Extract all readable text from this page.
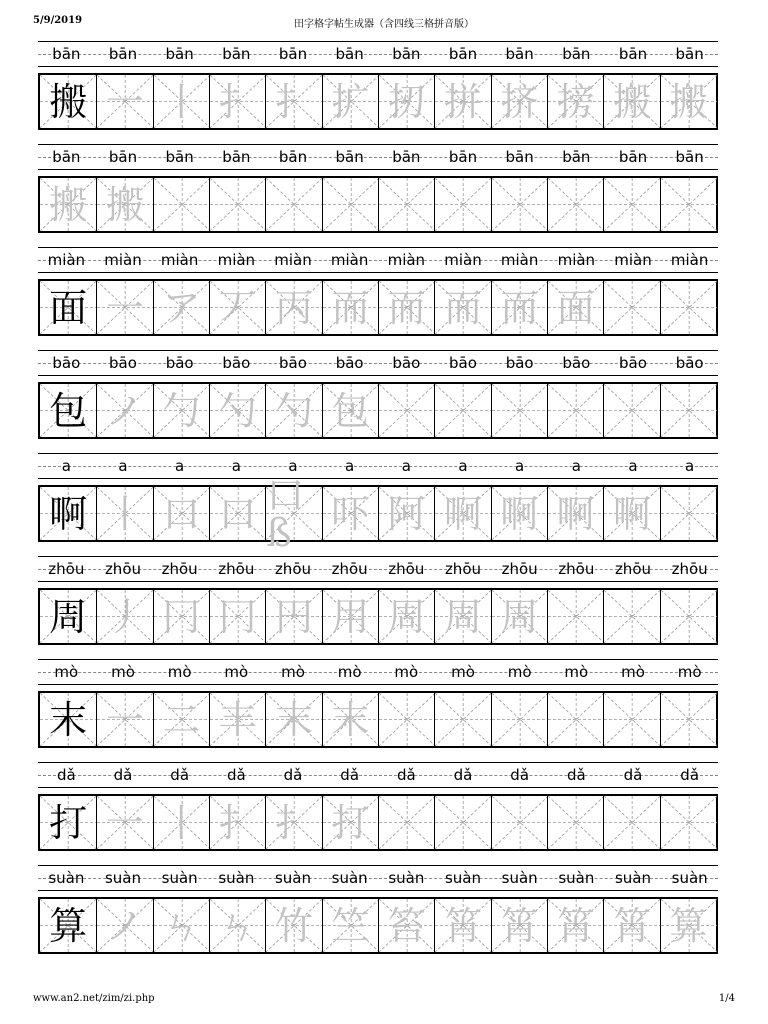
5/9/2019	田字格字帖生成器（含四线三格拼音版）
bān	bān	bān	bān	bān	bān	bān	bān	bān	bān	bān	bān
搬 一 丨 扌 扌 扩 扨 拼 挤 搒 搬 搬
bān	bān	bān	bān	bān	bān	bān	bān	bān	bān	bān	bān
搬 搬
miàn	miàn	miàn	miàn	miàn	miàn	miàn	miàn	miàn	miàn	miàn	miàn
面 一 ア 丆 丙 而 而 而 而 面
bāo	bāo	bāo	bāo	bāo	bāo	bāo	bāo	bāo	bāo	bāo	bāo
包 ノ 勹 勺 勺 包
a	a	a	a	a	a	a	a	a	a	a	a
啊 丨 口 口 口ß	吓 阿 啊 啊 啊 啊
zhōu	zhōu	zhōu	zhōu	zhōu	zhōu	zhōu	zhōu	zhōu	zhōu	zhōu	zhōu
周 丿 冂 冂 円 用 周 周 周
mò	mò	mò	mò	mò	mò	mò	mò	mò	mò	mò	mò
末 一 二 丰 末 末
dǎ	dǎ	dǎ	dǎ	dǎ	dǎ	dǎ	dǎ	dǎ	dǎ	dǎ	dǎ
打 一 丨 扌 扌 打
suàn	suàn	suàn	suàn	suàn	suàn	suàn	suàn	suàn	suàn	suàn	suàn
算 ノ ㄣ ㄣ 竹 竺 笞 筲 筲 筲 筲 算
www.an2.net/zim/zi.php	1/4
